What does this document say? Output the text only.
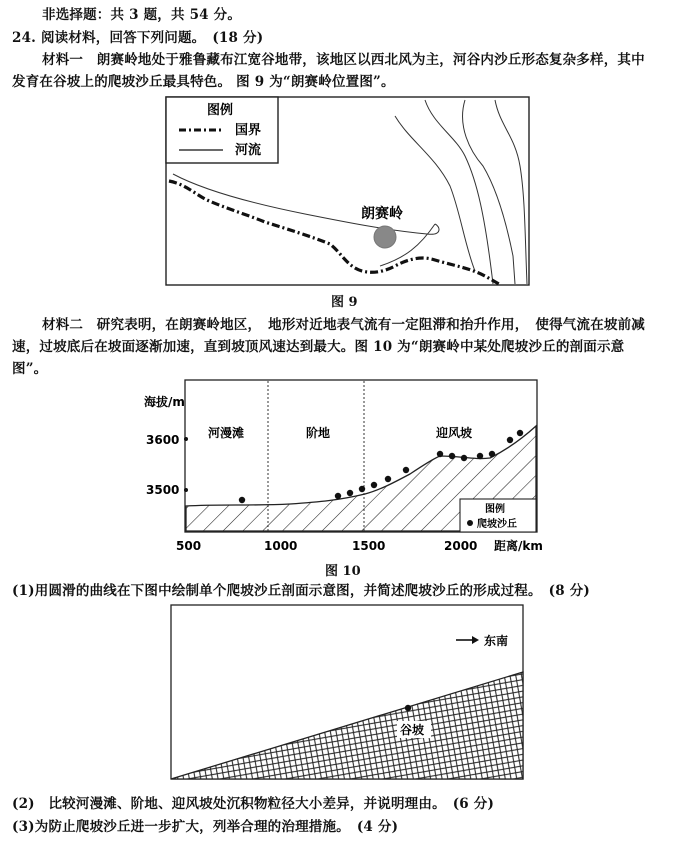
非选择题：共 3 题，共 54 分。
24. 阅读材料，回答下列问题。　(18 分)
材料一　朗赛岭地处于雅鲁藏布江宽谷地带，该地区以西北风为主，河谷内沙丘形态复杂多样，其中
发育在谷坡上的爬坡沙丘最具特色。 图 9 为“朗赛岭位置图”。
图例
国界
河流
朗赛岭
图 9
材料二　研究表明，在朗赛岭地区，　地形对近地表气流有一定阻滞和抬升作用，　使得气流在坡前减
速，过坡底后在坡面逐渐加速，直到坡顶风速达到最大。图 10 为“朗赛岭中某处爬坡沙丘的剖面示意
图”。
海拔/m
3600
3500
河漫滩	阶地	迎风坡
图例
爬坡沙丘
500	1000	1500	2000 距离/km
图 10
(1)用圆滑的曲线在下图中绘制单个爬坡沙丘剖面示意图，并简述爬坡沙丘的形成过程。　(8 分)
东南
谷坡
(2)　比较河漫滩、阶地、迎风坡处沉积物粒径大小差异，并说明理由。　(6 分)
(3)为防止爬坡沙丘进一步扩大，列举合理的治理措施。　(4 分)
